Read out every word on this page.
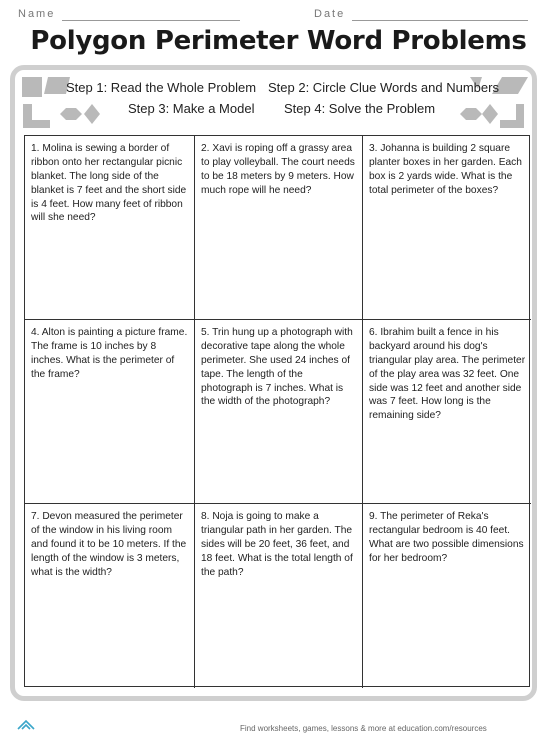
Name	Date
Polygon Perimeter Word Problems
Step 1: Read the Whole Problem Step 2: Circle Clue Words and Numbers
Step 3: Make a Model Step 4: Solve the Problem
1. Molina is sewing a border of ribbon onto her rectangular picnic blanket. The long side of the blanket is 7 feet and the short side is 4 feet. How many feet of ribbon will she need?
2. Xavi is roping off a grassy area to play volleyball. The court needs to be 18 meters by 9 meters. How much rope will he need?
3. Johanna is building 2 square planter boxes in her garden. Each box is 2 yards wide. What is the total perimeter of the boxes?
4. Alton is painting a picture frame. The frame is 10 inches by 8 inches. What is the perimeter of the frame?
5. Trin hung up a photograph with decorative tape along the whole perimeter. She used 24 inches of tape. The length of the photograph is 7 inches. What is the width of the photograph?
6. Ibrahim built a fence in his backyard around his dog's triangular play area. The perimeter of the play area was 32 feet. One side was 12 feet and another side was 7 feet. How long is the remaining side?
7. Devon measured the perimeter of the window in his living room and found it to be 10 meters. If the length of the window is 3 meters, what is the width?
8. Noja is going to make a triangular path in her garden. The sides will be 20 feet, 36 feet, and 18 feet. What is the total length of the path?
9. The perimeter of Reka's rectangular bedroom is 40 feet. What are two possible dimensions for her bedroom?
Find worksheets, games, lessons & more at education.com/resources
